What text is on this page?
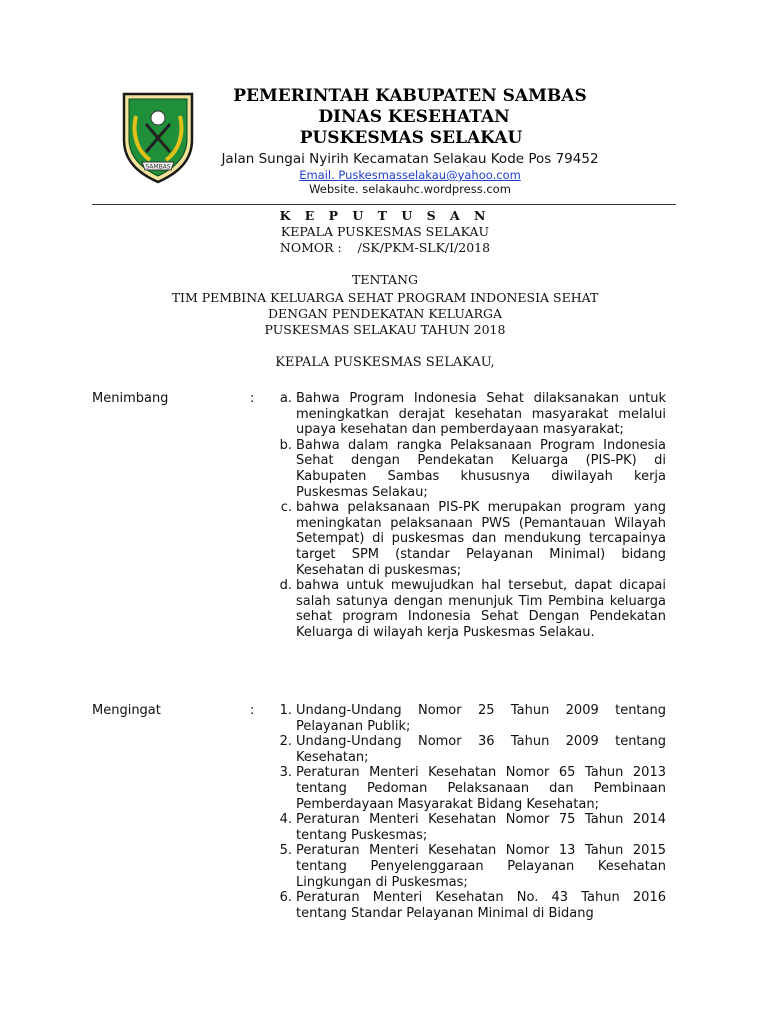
SAMBAS
PEMERINTAH KABUPATEN SAMBAS
DINAS KESEHATAN
PUSKESMAS SELAKAU
Jalan Sungai Nyirih Kecamatan Selakau Kode Pos 79452
Email. Puskesmasselakau@yahoo.com
Website. selakauhc.wordpress.com
K E P U T U S A N
KEPALA PUSKESMAS SELAKAU
NOMOR :    /SK/PKM-SLK/I/2018
TENTANG
TIM PEMBINA KELUARGA SEHAT PROGRAM INDONESIA SEHAT
DENGAN PENDEKATAN KELUARGA
PUSKESMAS SELAKAU TAHUN 2018
KEPALA PUSKESMAS SELAKAU,
Menimbang	:	a. Bahwa Program Indonesia Sehat dilaksanakan untuk meningkatkan derajat kesehatan masyarakat melalui upaya kesehatan dan pemberdayaan masyarakat;
b. Bahwa dalam rangka Pelaksanaan Program Indonesia Sehat dengan Pendekatan Keluarga (PIS-PK) di Kabupaten Sambas khususnya diwilayah kerja Puskesmas Selakau;
c. bahwa pelaksanaan PIS-PK merupakan program yang meningkatan pelaksanaan PWS (Pemantauan Wilayah Setempat) di puskesmas dan mendukung tercapainya target SPM (standar Pelayanan Minimal) bidang Kesehatan di puskesmas;
d. bahwa untuk mewujudkan hal tersebut, dapat dicapai salah satunya dengan menunjuk Tim Pembina keluarga sehat program Indonesia Sehat Dengan Pendekatan Keluarga di wilayah kerja Puskesmas Selakau.
Mengingat	:	1. Undang-Undang Nomor 25 Tahun 2009 tentang Pelayanan Publik;
2. Undang-Undang Nomor 36 Tahun 2009 tentang Kesehatan;
3. Peraturan Menteri Kesehatan Nomor 65 Tahun 2013 tentang Pedoman Pelaksanaan dan Pembinaan Pemberdayaan Masyarakat Bidang Kesehatan;
4. Peraturan Menteri Kesehatan Nomor 75 Tahun 2014 tentang Puskesmas;
5. Peraturan Menteri Kesehatan Nomor 13 Tahun 2015 tentang Penyelenggaraan Pelayanan Kesehatan Lingkungan di Puskesmas;
6. Peraturan Menteri Kesehatan No. 43 Tahun 2016 tentang Standar Pelayanan Minimal di Bidang
